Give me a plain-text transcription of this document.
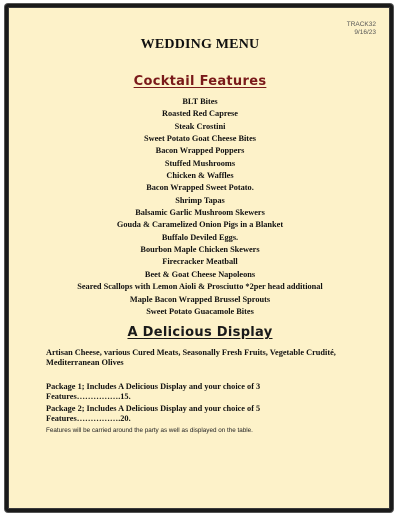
TRACK32
9/16/23
WEDDING MENU
Cocktail Features
BLT Bites
Roasted Red Caprese
Steak Crostini
Sweet Potato Goat Cheese Bites
Bacon Wrapped Poppers
Stuffed Mushrooms
Chicken & Waffles
Bacon Wrapped Sweet Potato.
Shrimp Tapas
Balsamic Garlic Mushroom Skewers
Gouda & Caramelized Onion Pigs in a Blanket
Buffalo Deviled Eggs.
Bourbon Maple Chicken Skewers
Firecracker Meatball
Beet & Goat Cheese Napoleons
Seared Scallops with Lemon Aioli & Prosciutto *2per head additional
Maple Bacon Wrapped Brussel Sprouts
Sweet Potato Guacamole Bites
A Delicious Display
Artisan Cheese, various Cured Meats, Seasonally Fresh Fruits, Vegetable Crudité, Mediterranean Olives
Package 1; Includes A Delicious Display and your choice of 3 Features…………….15.
Package 2; Includes A Delicious Display and your choice of 5 Features…………….20.
Features will be carried around the party as well as displayed on the table.
